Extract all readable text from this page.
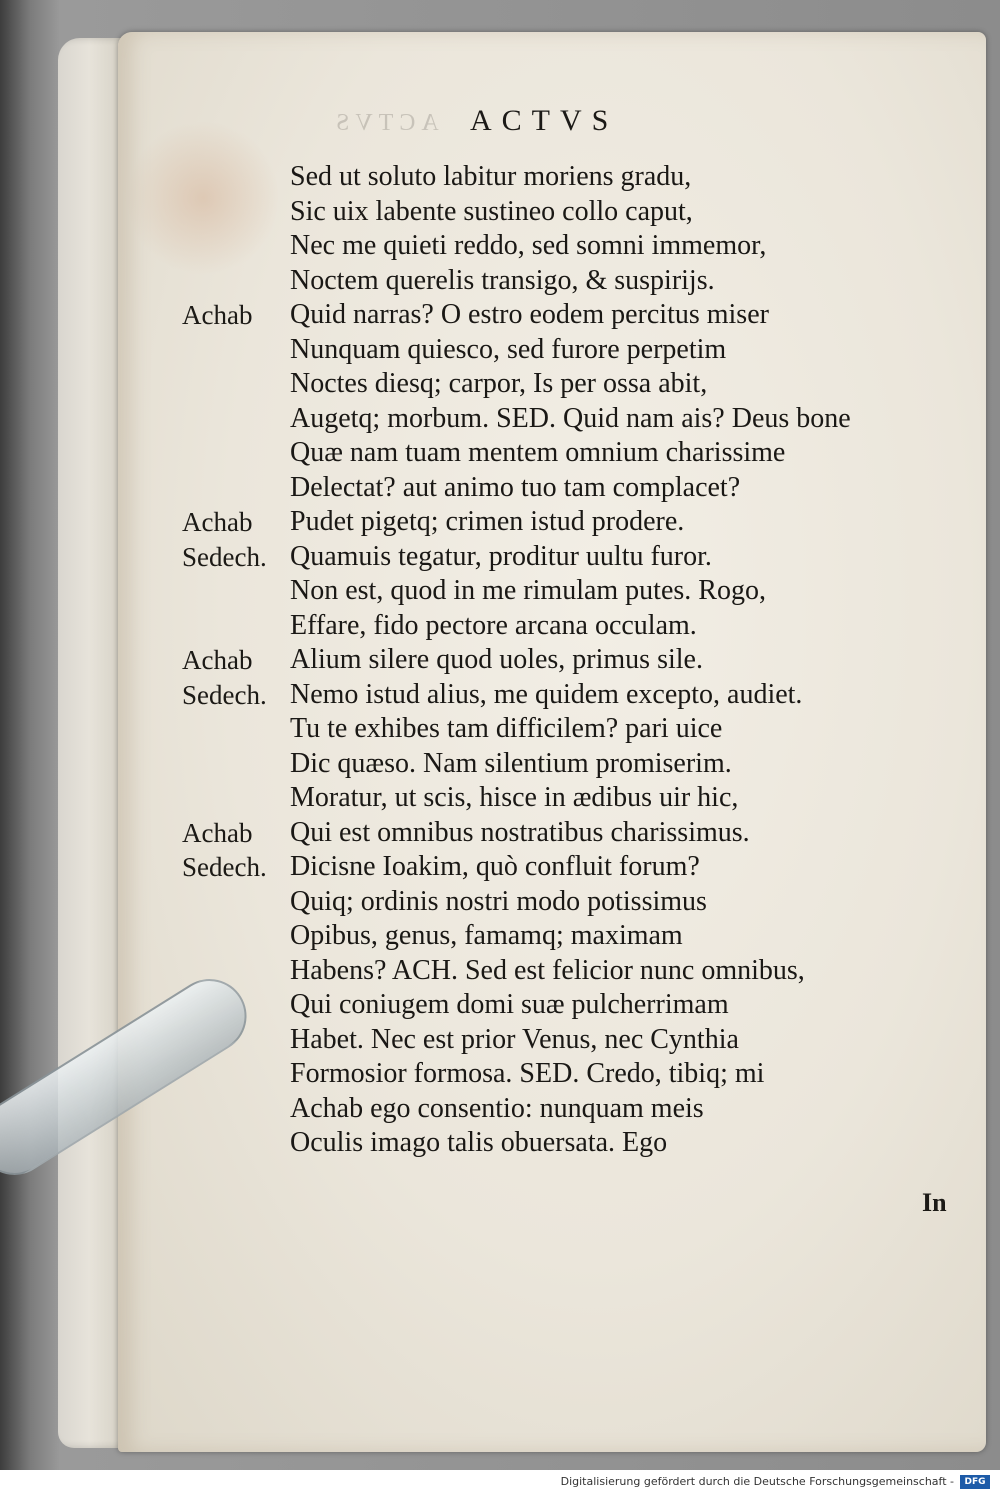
ACTVS ACTVS
Sed ut soluto labitur moriens gradu,
Sic uix labente sustineo collo caput,
Nec me quieti reddo, sed somni immemor,
Noctem querelis transigo, & suspirijs.
Quid narras? O estro eodem percitus miser
Nunquam quiesco, sed furore perpetim
Noctes diesq; carpor, Is per ossa abit,
Augetq; morbum. SED. Quid nam ais? Deus bone
Quæ nam tuam mentem omnium charissime
Delectat? aut animo tuo tam complacet?
Pudet pigetq; crimen istud prodere.
Quamuis tegatur, proditur uultu furor.
Non est, quod in me rimulam putes. Rogo,
Effare, fido pectore arcana occulam.
Alium silere quod uoles, primus sile.
Nemo istud alius, me quidem excepto, audiet.
Tu te exhibes tam difficilem? pari uice
Dic quæso. Nam silentium promiserim.
Moratur, ut scis, hisce in ædibus uir hic,
Qui est omnibus nostratibus charissimus.
Dicisne Ioakim, quò confluit forum?
Quiq; ordinis nostri modo potissimus
Opibus, genus, famamq; maximam
Habens? ACH. Sed est felicior nunc omnibus,
Qui coniugem domi suæ pulcherrimam
Habet. Nec est prior Venus, nec Cynthia
Formosior formosa. SED. Credo, tibiq; mi
Achab ego consentio: nunquam meis
Oculis imago talis obuersata. Ego
Achab
Achab
Sedech.
Achab
Sedech.
Achab
Sedech.
In
Digitalisierung gefördert durch die Deutsche Forschungsgemeinschaft -	DFG
